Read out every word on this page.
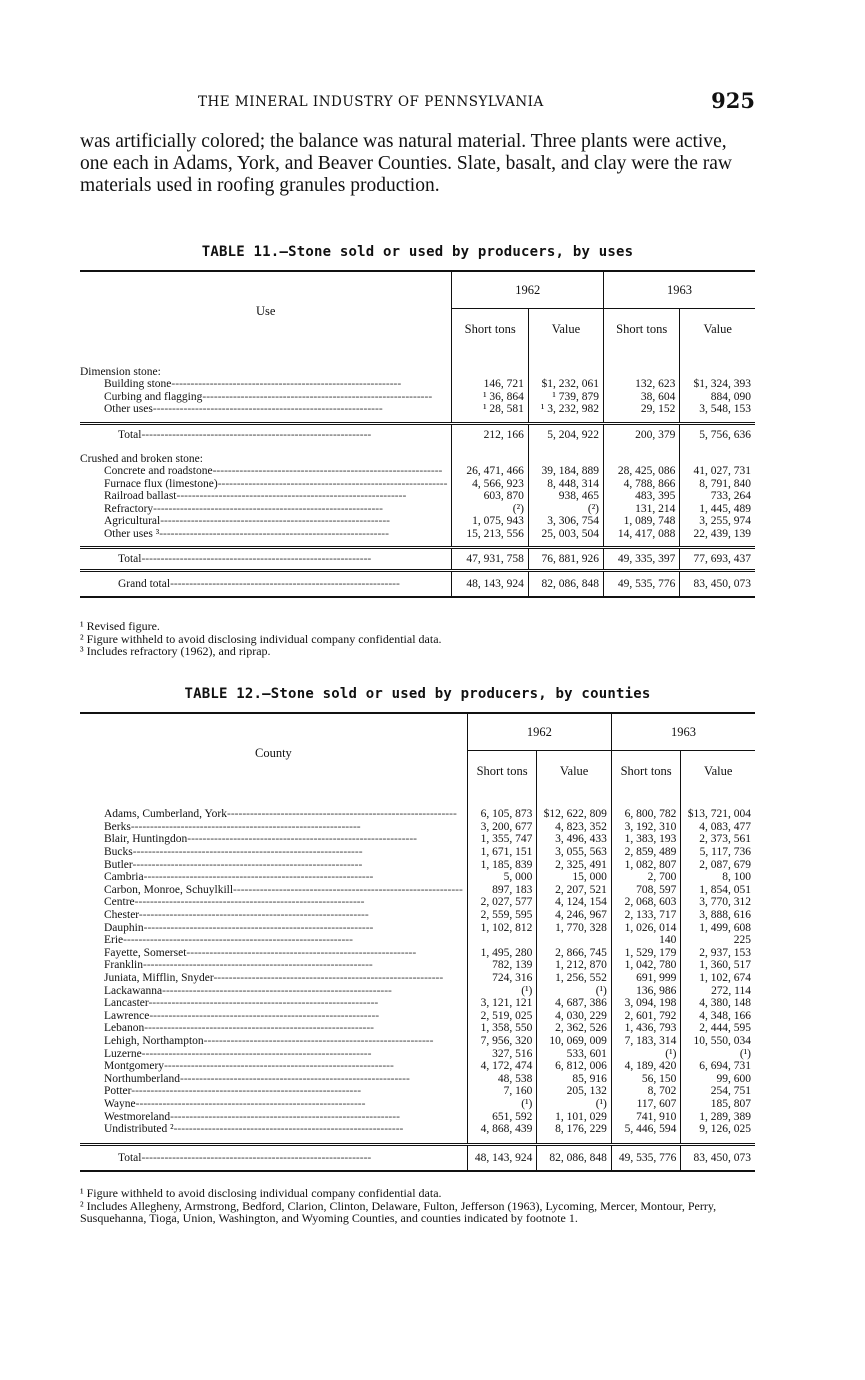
THE MINERAL INDUSTRY OF PENNSYLVANIA	925
was artificially colored; the balance was natural material. Three plants were active, one each in Adams, York, and Beaver Counties. Slate, basalt, and clay were the raw materials used in roofing granules production.
TABLE 11.—Stone sold or used by producers, by uses
Use	1962		1963	
	Short tons	Value	Short tons	Value

Dimension stone:				
Building stone------------------------------------------------------------	146, 721	$1, 232, 061	132, 623	$1, 324, 393
Curbing and flagging------------------------------------------------------------	¹ 36, 864	¹ 739, 879	38, 604	884, 090
Other uses------------------------------------------------------------	¹ 28, 581	¹ 3, 232, 982	29, 152	3, 548, 153

Total------------------------------------------------------------	212, 166	5, 204, 922	200, 379	5, 756, 636

Crushed and broken stone:				
Concrete and roadstone------------------------------------------------------------	26, 471, 466	39, 184, 889	28, 425, 086	41, 027, 731
Furnace flux (limestone)------------------------------------------------------------	4, 566, 923	8, 448, 314	4, 788, 866	8, 791, 840
Railroad ballast------------------------------------------------------------	603, 870	938, 465	483, 395	733, 264
Refractory------------------------------------------------------------	(²)	(²)	131, 214	1, 445, 489
Agricultural------------------------------------------------------------	1, 075, 943	3, 306, 754	1, 089, 748	3, 255, 974
Other uses ³------------------------------------------------------------	15, 213, 556	25, 003, 504	14, 417, 088	22, 439, 139

Total------------------------------------------------------------	47, 931, 758	76, 881, 926	49, 335, 397	77, 693, 437
Grand total------------------------------------------------------------	48, 143, 924	82, 086, 848	49, 535, 776	83, 450, 073
¹ Revised figure.
² Figure withheld to avoid disclosing individual company confidential data.
³ Includes refractory (1962), and riprap.
TABLE 12.—Stone sold or used by producers, by counties
County	1962		1963	
	Short tons	Value	Short tons	Value

Adams, Cumberland, York------------------------------------------------------------	6, 105, 873	$12, 622, 809	6, 800, 782	$13, 721, 004
Berks------------------------------------------------------------	3, 200, 677	4, 823, 352	3, 192, 310	4, 083, 477
Blair, Huntingdon------------------------------------------------------------	1, 355, 747	3, 496, 433	1, 383, 193	2, 373, 561
Bucks------------------------------------------------------------	1, 671, 151	3, 055, 563	2, 859, 489	5, 117, 736
Butler------------------------------------------------------------	1, 185, 839	2, 325, 491	1, 082, 807	2, 087, 679
Cambria------------------------------------------------------------	5, 000	15, 000	2, 700	8, 100
Carbon, Monroe, Schuylkill------------------------------------------------------------	897, 183	2, 207, 521	708, 597	1, 854, 051
Centre------------------------------------------------------------	2, 027, 577	4, 124, 154	2, 068, 603	3, 770, 312
Chester------------------------------------------------------------	2, 559, 595	4, 246, 967	2, 133, 717	3, 888, 616
Dauphin------------------------------------------------------------	1, 102, 812	1, 770, 328	1, 026, 014	1, 499, 608
Erie------------------------------------------------------------			140	225
Fayette, Somerset------------------------------------------------------------	1, 495, 280	2, 866, 745	1, 529, 179	2, 937, 153
Franklin------------------------------------------------------------	782, 139	1, 212, 870	1, 042, 780	1, 360, 517
Juniata, Mifflin, Snyder------------------------------------------------------------	724, 316	1, 256, 552	691, 999	1, 102, 674
Lackawanna------------------------------------------------------------	(¹)	(¹)	136, 986	272, 114
Lancaster------------------------------------------------------------	3, 121, 121	4, 687, 386	3, 094, 198	4, 380, 148
Lawrence------------------------------------------------------------	2, 519, 025	4, 030, 229	2, 601, 792	4, 348, 166
Lebanon------------------------------------------------------------	1, 358, 550	2, 362, 526	1, 436, 793	2, 444, 595
Lehigh, Northampton------------------------------------------------------------	7, 956, 320	10, 069, 009	7, 183, 314	10, 550, 034
Luzerne------------------------------------------------------------	327, 516	533, 601	(¹)	(¹)
Montgomery------------------------------------------------------------	4, 172, 474	6, 812, 006	4, 189, 420	6, 694, 731
Northumberland------------------------------------------------------------	48, 538	85, 916	56, 150	99, 600
Potter------------------------------------------------------------	7, 160	205, 132	8, 702	254, 751
Wayne------------------------------------------------------------	(¹)	(¹)	117, 607	185, 807
Westmoreland------------------------------------------------------------	651, 592	1, 101, 029	741, 910	1, 289, 389
Undistributed ²------------------------------------------------------------	4, 868, 439	8, 176, 229	5, 446, 594	9, 126, 025

Total------------------------------------------------------------	48, 143, 924	82, 086, 848	49, 535, 776	83, 450, 073
¹ Figure withheld to avoid disclosing individual company confidential data.
² Includes Allegheny, Armstrong, Bedford, Clarion, Clinton, Delaware, Fulton, Jefferson (1963), Lycoming, Mercer, Montour, Perry, Susquehanna, Tioga, Union, Washington, and Wyoming Counties, and counties indicated by footnote 1.
